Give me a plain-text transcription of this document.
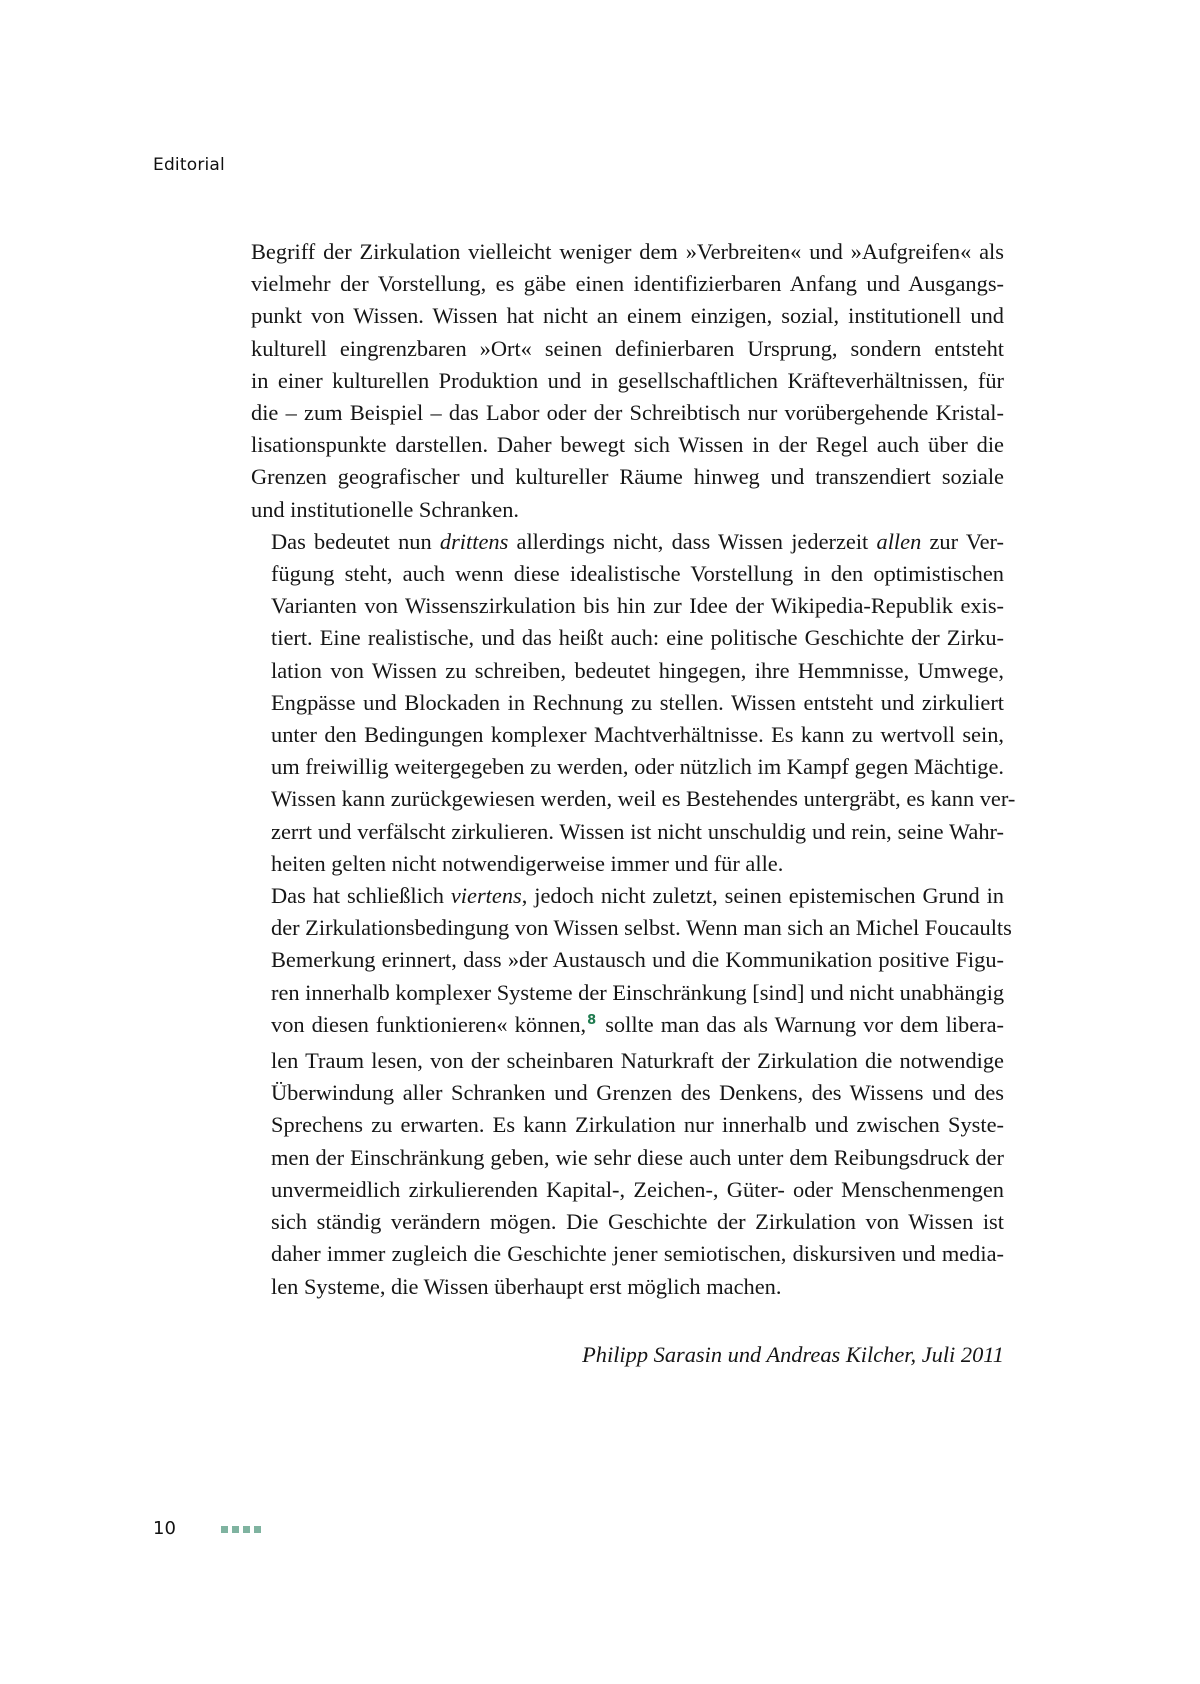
Editorial

Begriff der Zirkulation vielleicht weniger dem »Verbreiten« und »Aufgreifen« als
vielmehr der Vorstellung, es gäbe einen identifizierbaren Anfang und Ausgangs-
punkt von Wissen. Wissen hat nicht an einem einzigen, sozial, institutionell und
kulturell eingrenzbaren »Ort« seinen definierbaren Ursprung, sondern entsteht
in einer kulturellen Produktion und in gesellschaftlichen Kräfteverhältnissen, für
die – zum Beispiel – das Labor oder der Schreibtisch nur vorübergehende Kristal-
lisationspunkte darstellen. Daher bewegt sich Wissen in der Regel auch über die
Grenzen geografischer und kultureller Räume hinweg und transzendiert soziale
und institutionelle Schranken.

Das bedeutet nun drittens allerdings nicht, dass Wissen jederzeit allen zur Ver-
fügung steht, auch wenn diese idealistische Vorstellung in den optimistischen
Varianten von Wissenszirkulation bis hin zur Idee der Wikipedia-Republik exis-
tiert. Eine realistische, und das heißt auch: eine politische Geschichte der Zirku-
lation von Wissen zu schreiben, bedeutet hingegen, ihre Hemmnisse, Umwege,
Engpässe und Blockaden in Rechnung zu stellen. Wissen entsteht und zirkuliert
unter den Bedingungen komplexer Machtverhältnisse. Es kann zu wertvoll sein,
um freiwillig weitergegeben zu werden, oder nützlich im Kampf gegen Mächtige.
Wissen kann zurückgewiesen werden, weil es Bestehendes untergräbt, es kann ver-
zerrt und verfälscht zirkulieren. Wissen ist nicht unschuldig und rein, seine Wahr-
heiten gelten nicht notwendigerweise immer und für alle.

Das hat schließlich viertens, jedoch nicht zuletzt, seinen epistemischen Grund in
der Zirkulationsbedingung von Wissen selbst. Wenn man sich an Michel Foucaults
Bemerkung erinnert, dass »der Austausch und die Kommunikation positive Figu-
ren innerhalb komplexer Systeme der Einschränkung [sind] und nicht unabhängig
von diesen funktionieren« können,$^8$ sollte man das als Warnung vor dem libera-
len Traum lesen, von der scheinbaren Naturkraft der Zirkulation die notwendige
Überwindung aller Schranken und Grenzen des Denkens, des Wissens und des
Sprechens zu erwarten. Es kann Zirkulation nur innerhalb und zwischen Syste-
men der Einschränkung geben, wie sehr diese auch unter dem Reibungsdruck der
unvermeidlich zirkulierenden Kapital-, Zeichen-, Güter- oder Menschenmengen
sich ständig verändern mögen. Die Geschichte der Zirkulation von Wissen ist
daher immer zugleich die Geschichte jener semiotischen, diskursiven und media-
len Systeme, die Wissen überhaupt erst möglich machen.

Philipp Sarasin und Andreas Kilcher, Juli 2011
10
